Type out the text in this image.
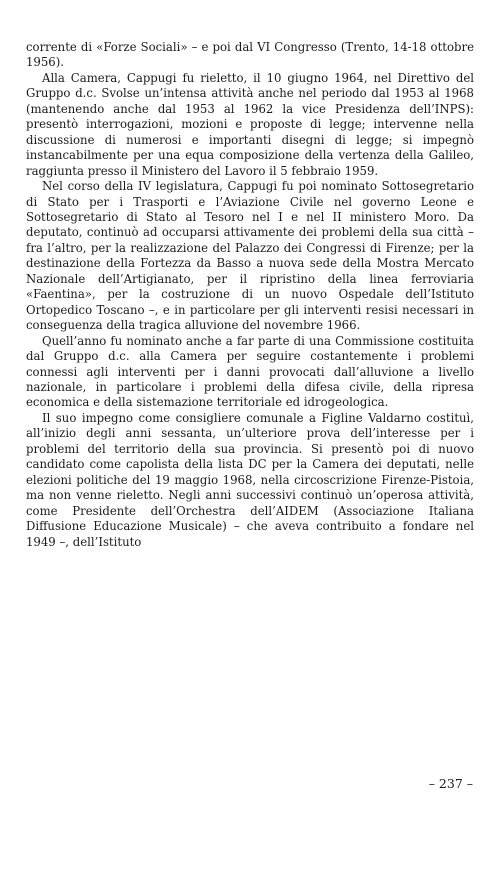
corrente di «Forze Sociali» – e poi dal VI Congresso (Trento, 14-18 ottobre 1956).

Alla Camera, Cappugi fu rieletto, il 10 giugno 1964, nel Direttivo del Gruppo d.c. Svolse un’intensa attività anche nel periodo dal 1953 al 1968 (mantenendo anche dal 1953 al 1962 la vice Presidenza dell’INPS): presentò interrogazioni, mozioni e proposte di legge; intervenne nella discussione di numerosi e importanti disegni di legge; si impegnò instancabilmente per una equa composizione della vertenza della Galileo, raggiunta presso il Ministero del Lavoro il 5 febbraio 1959.

Nel corso della IV legislatura, Cappugi fu poi nominato Sottosegretario di Stato per i Trasporti e l’Aviazione Civile nel governo Leone e Sottosegretario di Stato al Tesoro nel I e nel II ministero Moro. Da deputato, continuò ad occuparsi attivamente dei problemi della sua città – fra l’altro, per la realizzazione del Palazzo dei Congressi di Firenze; per la destinazione della Fortezza da Basso a nuova sede della Mostra Mercato Nazionale dell’Artigianato, per il ripristino della linea ferroviaria «Faentina», per la costruzione di un nuovo Ospedale dell’Istituto Ortopedico Toscano –, e in particolare per gli interventi resisi necessari in conseguenza della tragica alluvione del novembre 1966.

Quell’anno fu nominato anche a far parte di una Commissione costituita dal Gruppo d.c. alla Camera per seguire costantemente i problemi connessi agli interventi per i danni provocati dall’alluvione a livello nazionale, in particolare i problemi della difesa civile, della ripresa economica e della sistemazione territoriale ed idrogeologica.

Il suo impegno come consigliere comunale a Figline Valdarno costituì, all’inizio degli anni sessanta, un’ulteriore prova dell’interesse per i problemi del territorio della sua provincia. Si presentò poi di nuovo candidato come capolista della lista DC per la Camera dei deputati, nelle elezioni politiche del 19 maggio 1968, nella circoscrizione Firenze-Pistoia, ma non venne rieletto. Negli anni successivi continuò un’operosa attività, come Presidente dell’Orchestra dell’AIDEM (Associazione Italiana Diffusione Educazione Musicale) – che aveva contribuito a fondare nel 1949 –, dell’Istituto

– 237 –
